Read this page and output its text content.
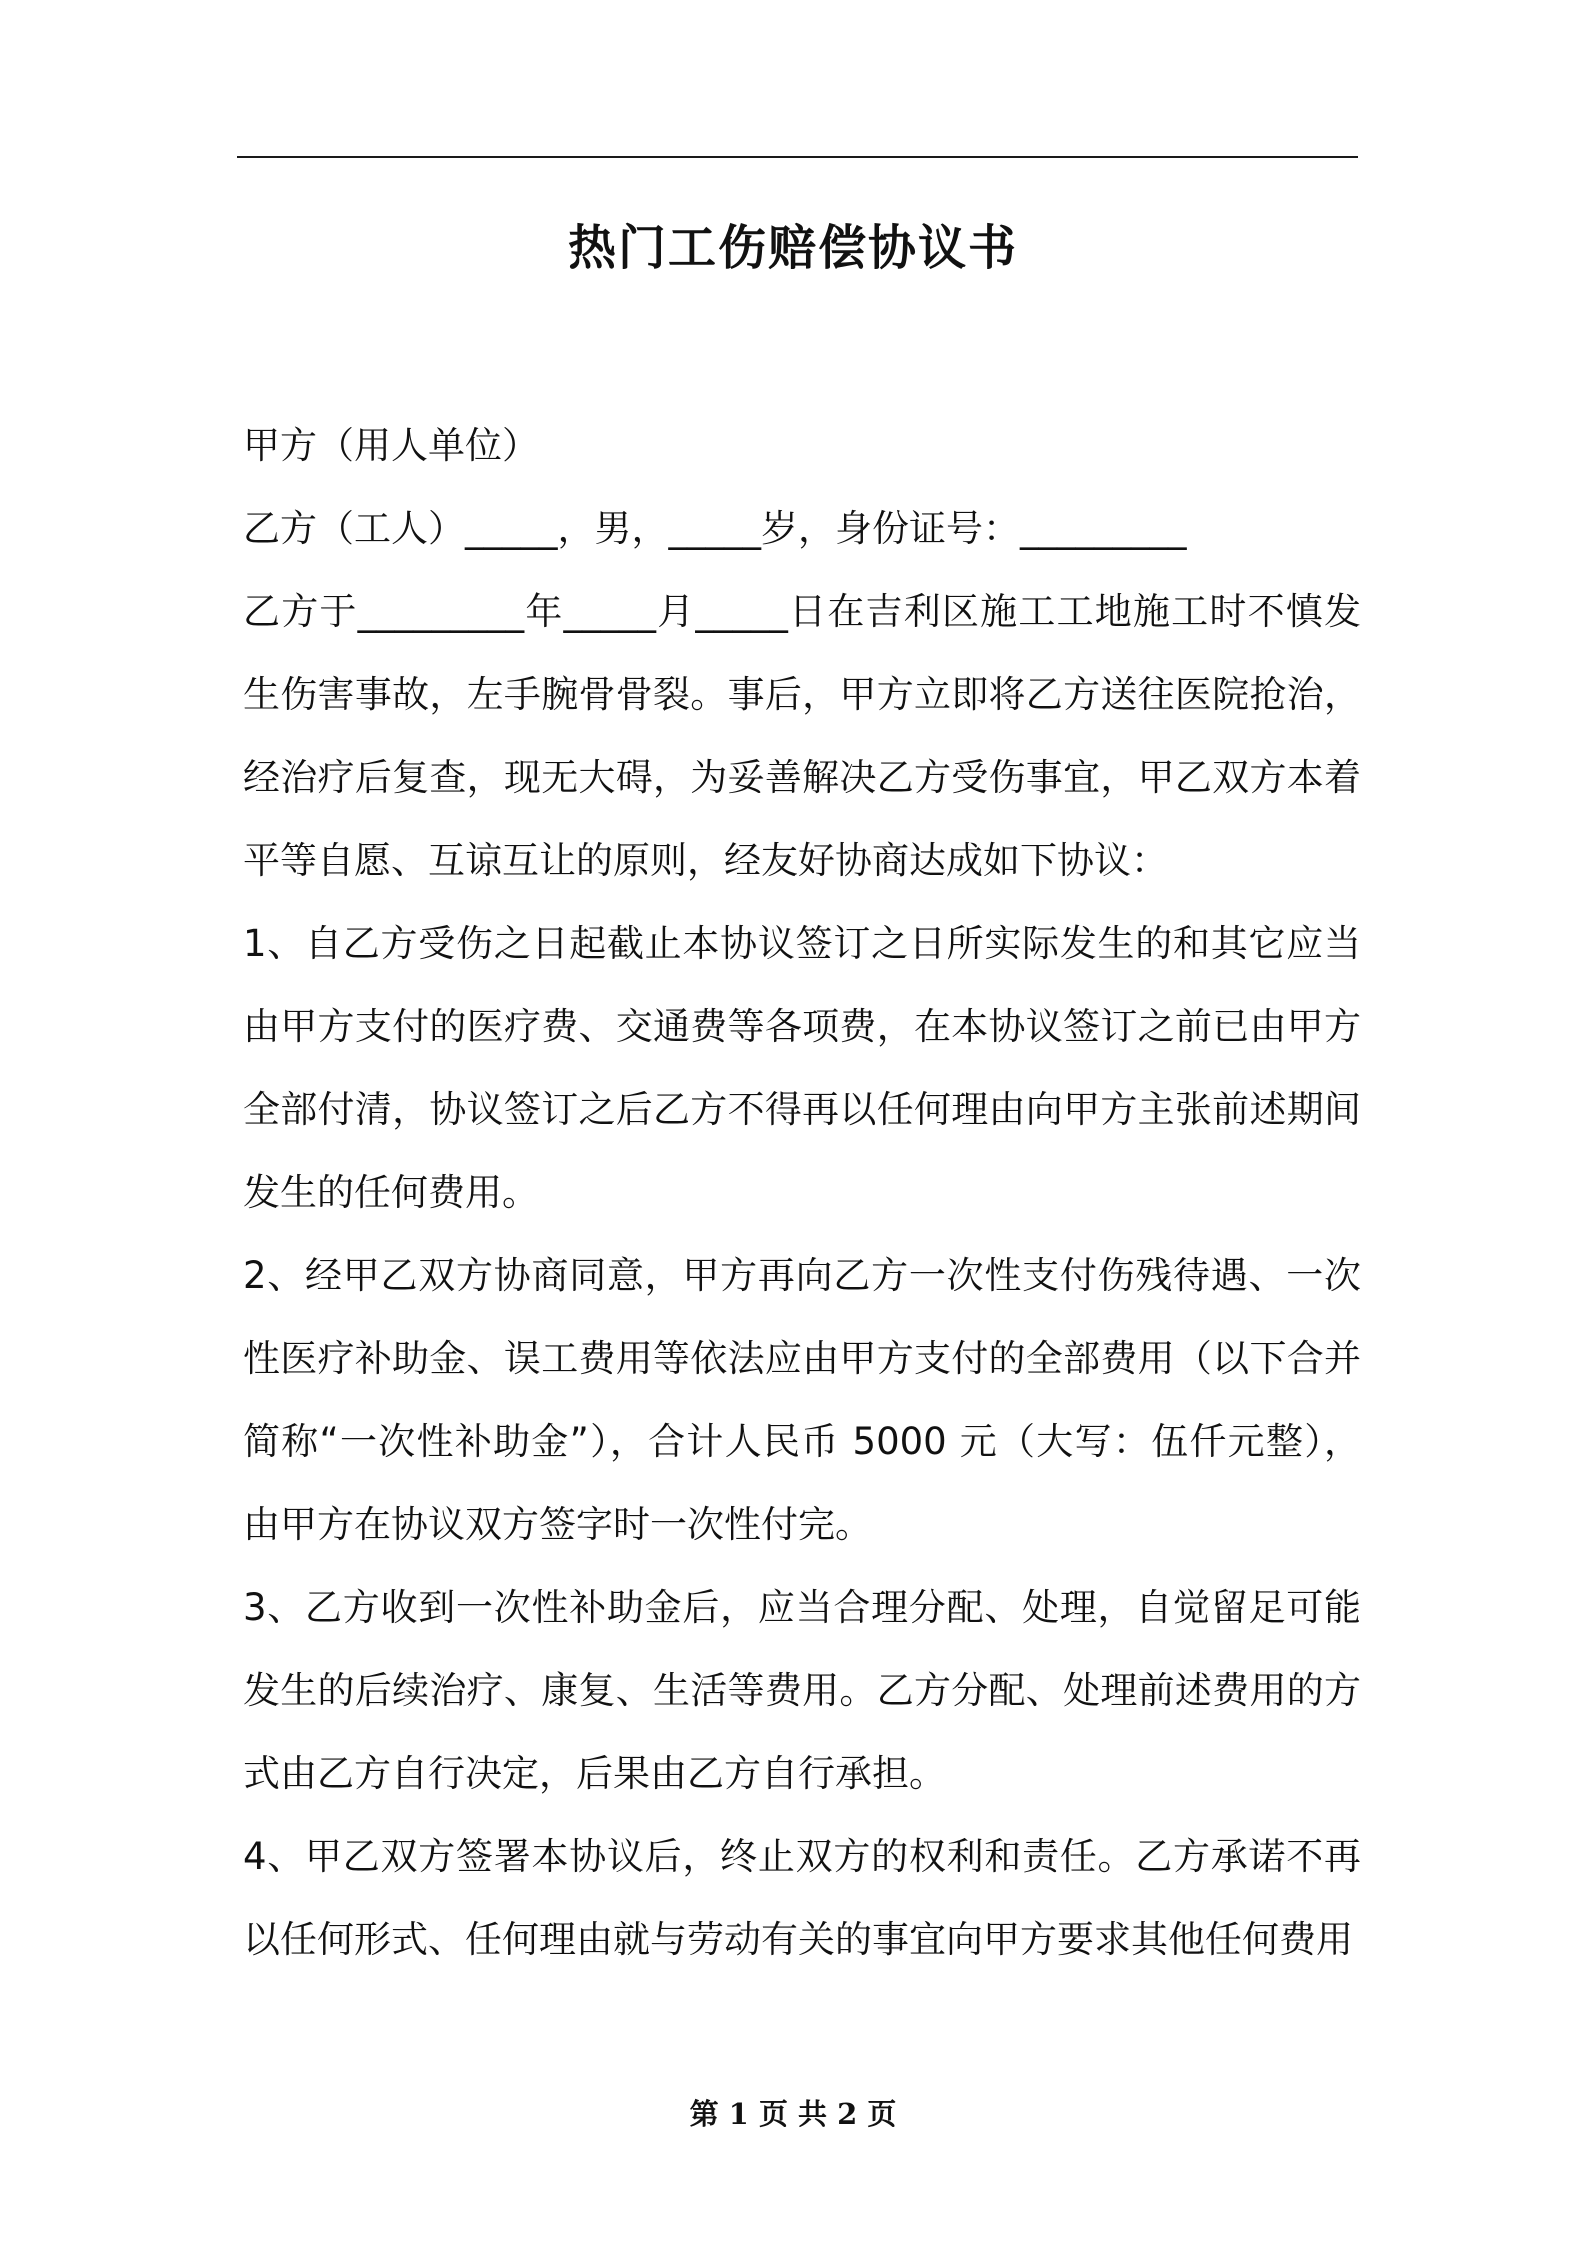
热门工伤赔偿协议书

甲方（用人单位）

乙方（工人）_____，男，_____岁，身份证号：_________

乙方于_________年_____月_____日在吉利区施工工地施工时不慎发生伤害事故，左手腕骨骨裂。事后，甲方立即将乙方送往医院抢治，经治疗后复查，现无大碍，为妥善解决乙方受伤事宜，甲乙双方本着平等自愿、互谅互让的原则，经友好协商达成如下协议：

1、自乙方受伤之日起截止本协议签订之日所实际发生的和其它应当由甲方支付的医疗费、交通费等各项费，在本协议签订之前已由甲方全部付清，协议签订之后乙方不得再以任何理由向甲方主张前述期间发生的任何费用。

2、经甲乙双方协商同意，甲方再向乙方一次性支付伤残待遇、一次性医疗补助金、误工费用等依法应由甲方支付的全部费用（以下合并简称“一次性补助金”），合计人民币 5000 元（大写：伍仟元整），由甲方在协议双方签字时一次性付完。

3、乙方收到一次性补助金后，应当合理分配、处理，自觉留足可能发生的后续治疗、康复、生活等费用。乙方分配、处理前述费用的方式由乙方自行决定，后果由乙方自行承担。

4、甲乙双方签署本协议后，终止双方的权利和责任。乙方承诺不再以任何形式、任何理由就与劳动有关的事宜向甲方要求其他任何费用

第 1 页 共 2 页
